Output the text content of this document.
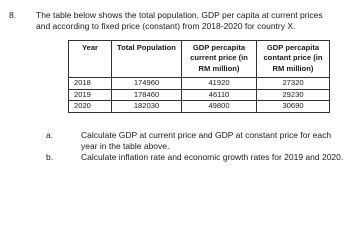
8. The table below shows the total population, GDP per capita at current prices and according to fixed price (constant) from 2018-2020 for country X.
Year	Total Population	GDP percapita current price (in RM million)	GDP percapita contant price (in RM million)
2018	174960	41920	27320
2019	178460	46110	29230
2020	182030	49800	30690
a.	Calculate GDP at current price and GDP at constant price for each year in the table above.
b.	Calculate inflation rate and economic growth rates for 2019 and 2020.
